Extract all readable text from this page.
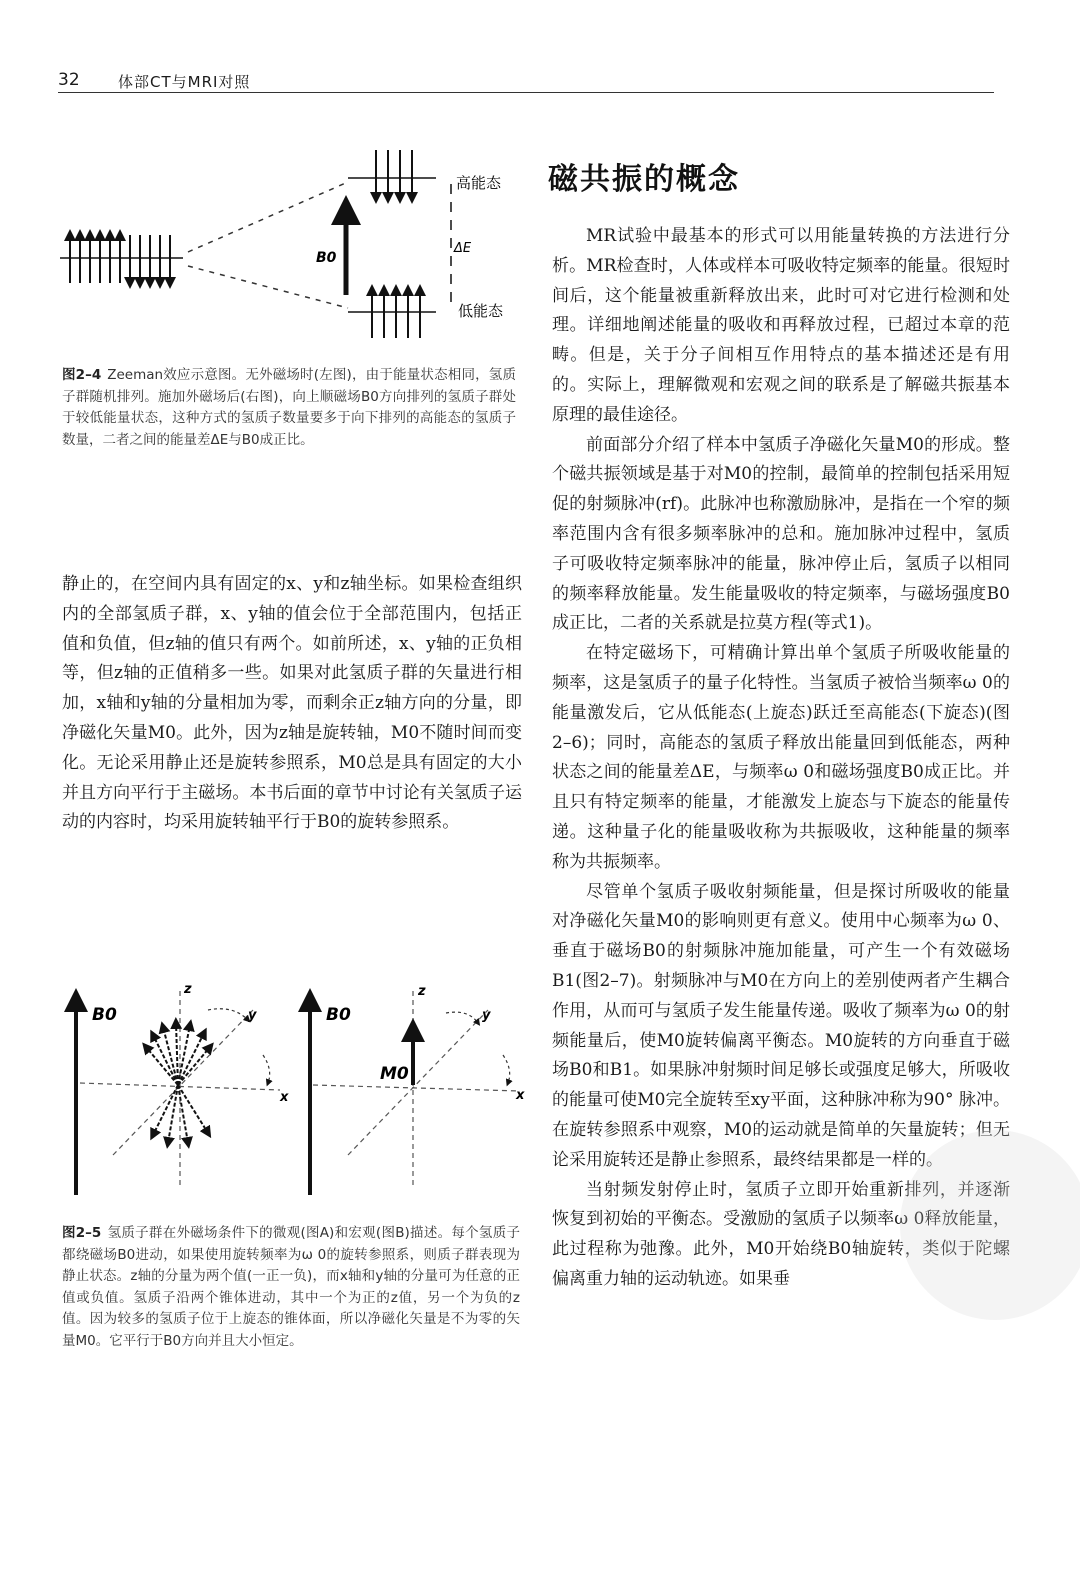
32	体部CT与MRI对照
B0
ΔE
高能态
低能态
图2–4 Zeeman效应示意图。无外磁场时(左图)，由于能量状态相同，氢质子群随机排列。施加外磁场后(右图)，向上顺磁场B0方向排列的氢质子群处于较低能量状态，这种方式的氢质子数量要多于向下排列的高能态的氢质子数量，二者之间的能量差ΔE与B0成正比。

静止的，在空间内具有固定的x、y和z轴坐标。如果检查组织内的全部氢质子群，x、y轴的值会位于全部范围内，包括正值和负值，但z轴的值只有两个。如前所述，x、y轴的正负相等，但z轴的正值稍多一些。如果对此氢质子群的矢量进行相加，x轴和y轴的分量相加为零，而剩余正z轴方向的分量，即净磁化矢量M0。此外，因为z轴是旋转轴，M0不随时间而变化。无论采用静止还是旋转参照系，M0总是具有固定的大小并且方向平行于主磁场。本书后面的章节中讨论有关氢质子运动的内容时，均采用旋转轴平行于B0的旋转参照系。

B0
z
y
x
B0
z
y
x
M0
图2–5 氢质子群在外磁场条件下的微观(图A)和宏观(图B)描述。每个氢质子都绕磁场B0进动，如果使用旋转频率为ω 0的旋转参照系，则质子群表现为静止状态。z轴的分量为两个值(一正一负)，而x轴和y轴的分量可为任意的正值或负值。氢质子沿两个锥体进动，其中一个为正的z值，另一个为负的z值。因为较多的氢质子位于上旋态的锥体面，所以净磁化矢量是不为零的矢量M0。它平行于B0方向并且大小恒定。
磁共振的概念

MR试验中最基本的形式可以用能量转换的方法进行分析。MR检查时，人体或样本可吸收特定频率的能量。很短时间后，这个能量被重新释放出来，此时可对它进行检测和处理。详细地阐述能量的吸收和再释放过程，已超过本章的范畴。但是，关于分子间相互作用特点的基本描述还是有用的。实际上，理解微观和宏观之间的联系是了解磁共振基本原理的最佳途径。

前面部分介绍了样本中氢质子净磁化矢量M0的形成。整个磁共振领域是基于对M0的控制，最简单的控制包括采用短促的射频脉冲(rf)。此脉冲也称激励脉冲，是指在一个窄的频率范围内含有很多频率脉冲的总和。施加脉冲过程中，氢质子可吸收特定频率脉冲的能量，脉冲停止后，氢质子以相同的频率释放能量。发生能量吸收的特定频率，与磁场强度B0成正比，二者的关系就是拉莫方程(等式1)。

在特定磁场下，可精确计算出单个氢质子所吸收能量的频率，这是氢质子的量子化特性。当氢质子被恰当频率ω 0的能量激发后，它从低能态(上旋态)跃迁至高能态(下旋态)(图2–6)；同时，高能态的氢质子释放出能量回到低能态，两种状态之间的能量差ΔE，与频率ω 0和磁场强度B0成正比。并且只有特定频率的能量，才能激发上旋态与下旋态的能量传递。这种量子化的能量吸收称为共振吸收，这种能量的频率称为共振频率。

尽管单个氢质子吸收射频能量，但是探讨所吸收的能量对净磁化矢量M0的影响则更有意义。使用中心频率为ω 0、垂直于磁场B0的射频脉冲施加能量，可产生一个有效磁场B1(图2–7)。射频脉冲与M0在方向上的差别使两者产生耦合作用，从而可与氢质子发生能量传递。吸收了频率为ω 0的射频能量后，使M0旋转偏离平衡态。M0旋转的方向垂直于磁场B0和B1。如果脉冲射频时间足够长或强度足够大，所吸收的能量可使M0完全旋转至xy平面，这种脉冲称为90° 脉冲。在旋转参照系中观察，M0的运动就是简单的矢量旋转；但无论采用旋转还是静止参照系，最终结果都是一样的。

当射频发射停止时，氢质子立即开始重新排列，并逐渐恢复到初始的平衡态。受激励的氢质子以频率ω 0释放能量，此过程称为弛豫。此外，M0开始绕B0轴旋转，类似于陀螺偏离重力轴的运动轨迹。如果垂
